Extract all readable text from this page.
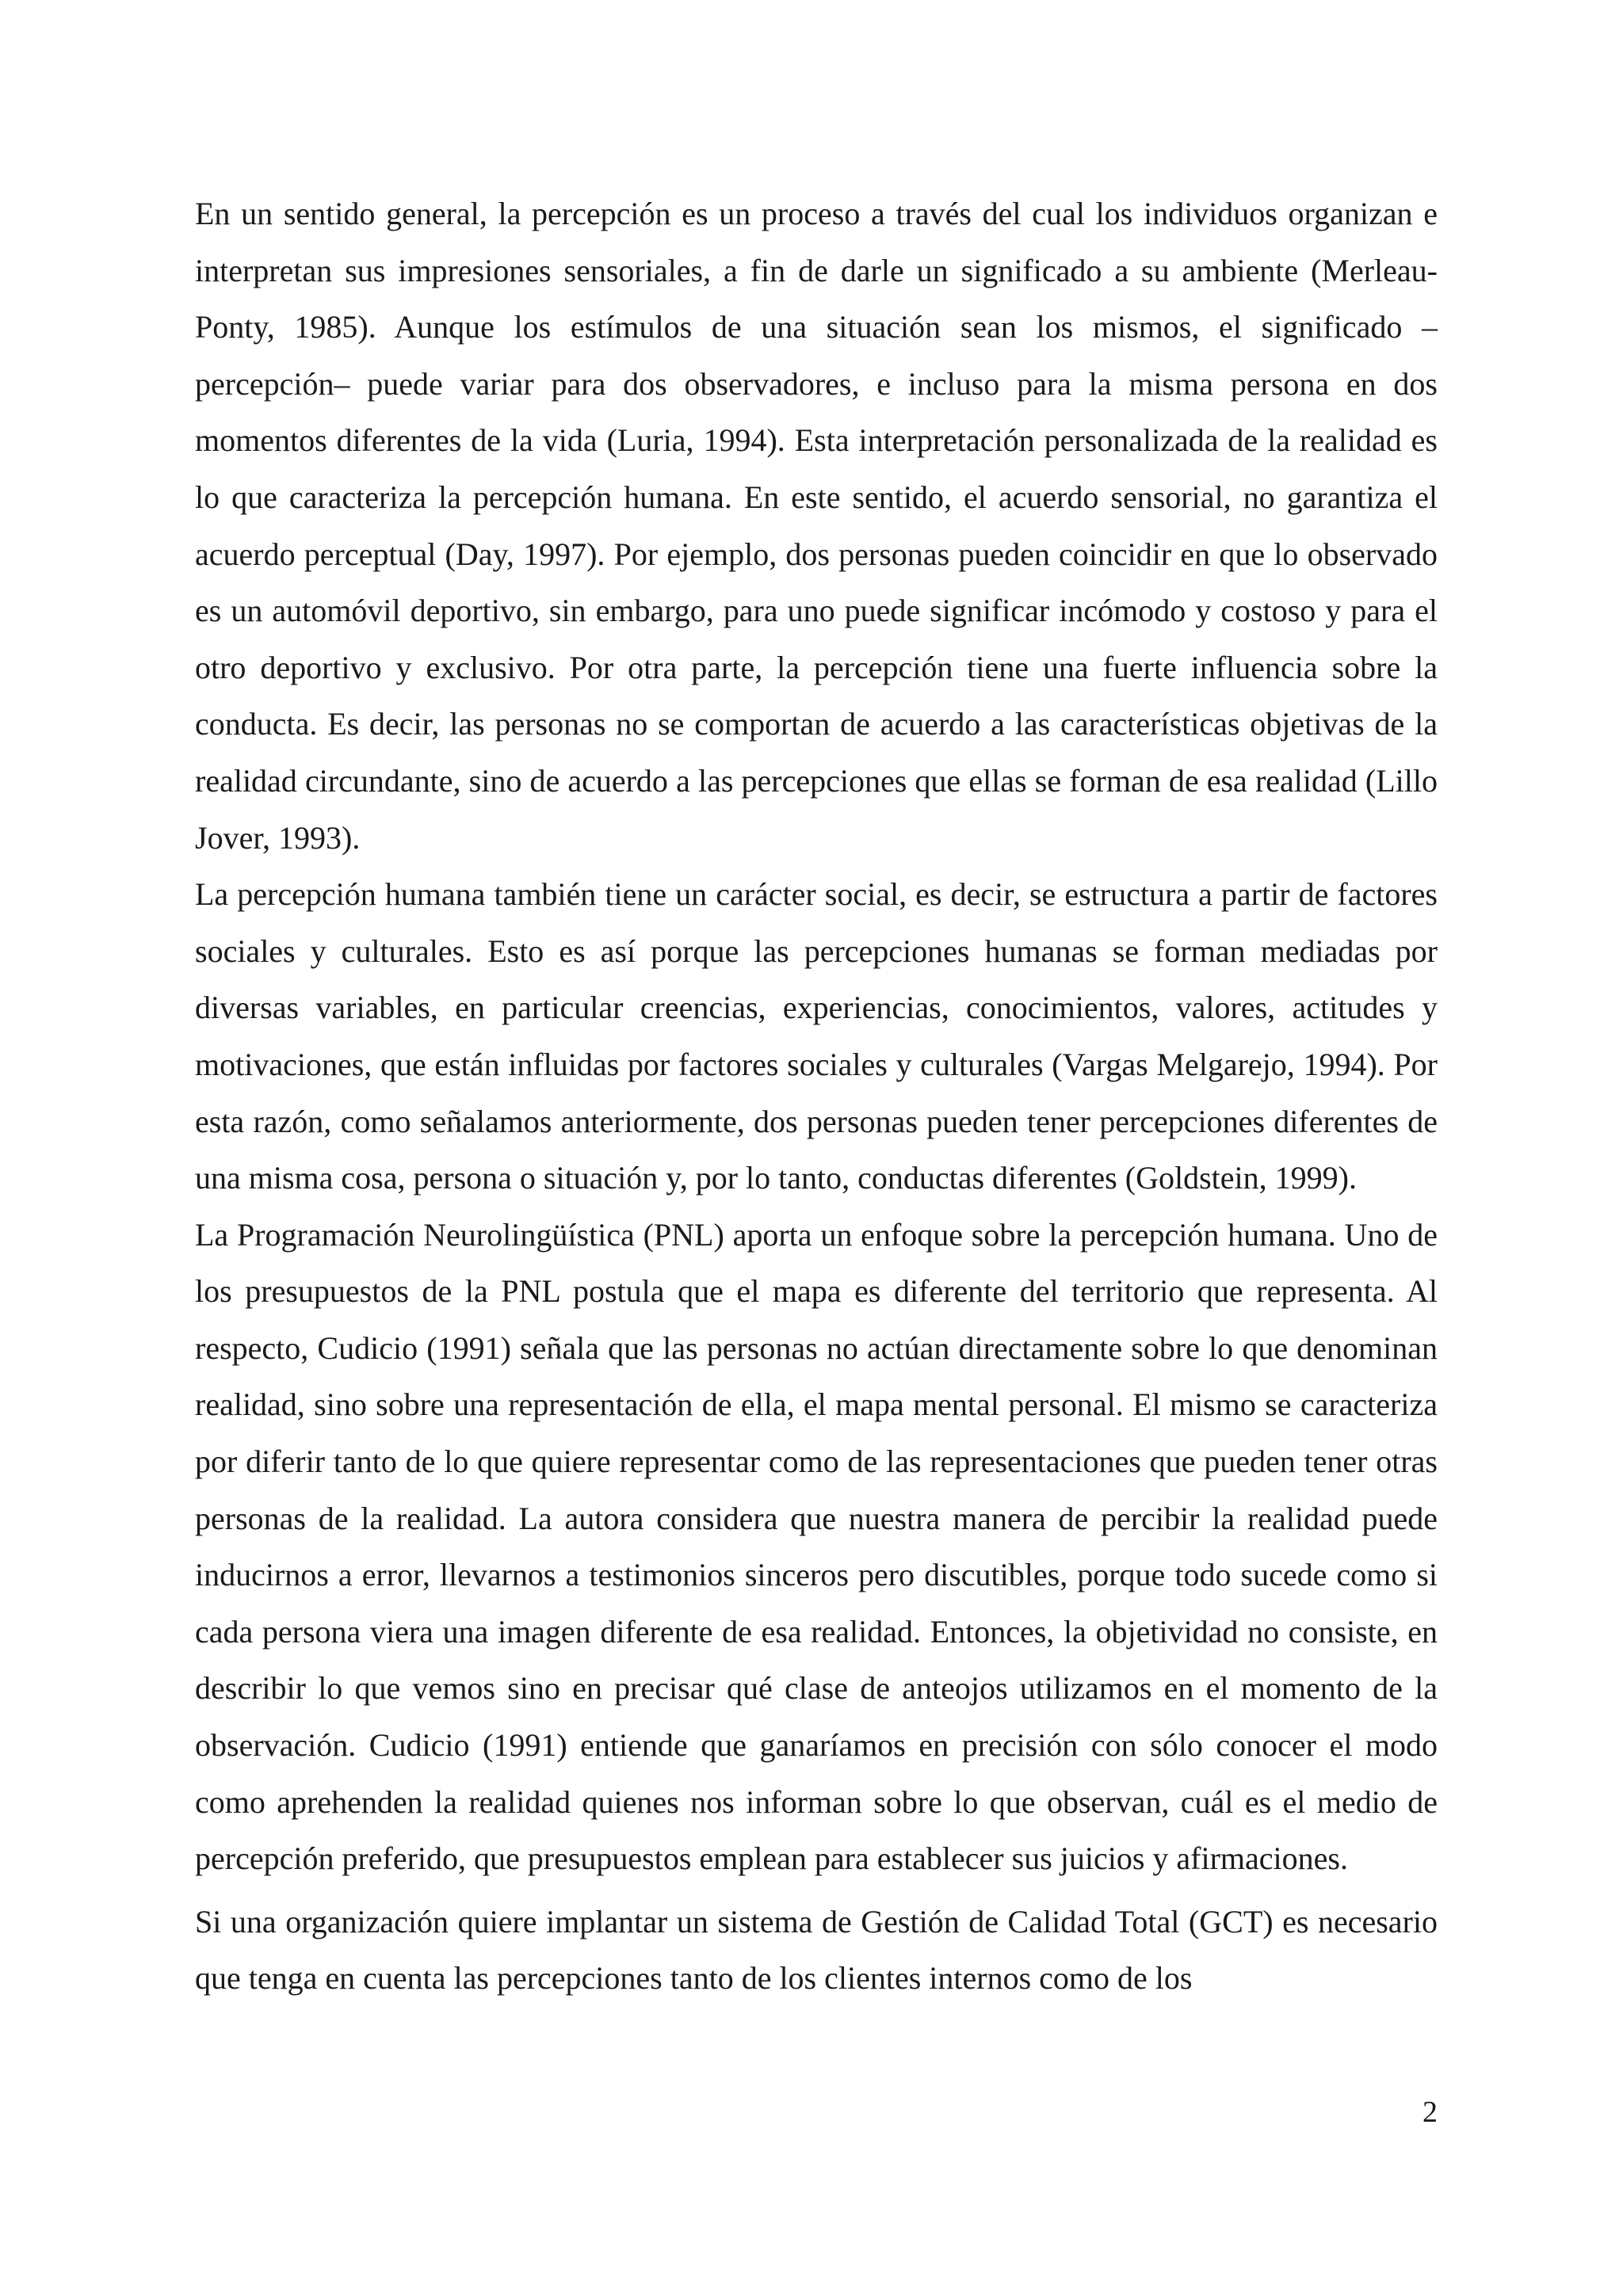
En un sentido general, la percepción es un proceso a través del cual los individuos organizan e interpretan sus impresiones sensoriales, a fin de darle un significado a su ambiente (Merleau-Ponty, 1985). Aunque los estímulos de una situación sean los mismos, el significado –percepción– puede variar para dos observadores, e incluso para la misma persona en dos momentos diferentes de la vida (Luria, 1994). Esta interpretación personalizada de la realidad es lo que caracteriza la percepción humana. En este sentido, el acuerdo sensorial, no garantiza el acuerdo perceptual (Day, 1997). Por ejemplo, dos personas pueden coincidir en que lo observado es un automóvil deportivo, sin embargo, para uno puede significar incómodo y costoso y para el otro deportivo y exclusivo. Por otra parte, la percepción tiene una fuerte influencia sobre la conducta. Es decir, las personas no se comportan de acuerdo a las características objetivas de la realidad circundante, sino de acuerdo a las percepciones que ellas se forman de esa realidad (Lillo Jover, 1993).

La percepción humana también tiene un carácter social, es decir, se estructura a partir de factores sociales y culturales. Esto es así porque las percepciones humanas se forman mediadas por diversas variables, en particular creencias, experiencias, conocimientos, valores, actitudes y motivaciones, que están influidas por factores sociales y culturales (Vargas Melgarejo, 1994). Por esta razón, como señalamos anteriormente, dos personas pueden tener percepciones diferentes de una misma cosa, persona o situación y, por lo tanto, conductas diferentes (Goldstein, 1999).

La Programación Neurolingüística (PNL) aporta un enfoque sobre la percepción humana. Uno de los presupuestos de la PNL postula que el mapa es diferente del territorio que representa. Al respecto, Cudicio (1991) señala que las personas no actúan directamente sobre lo que denominan realidad, sino sobre una representación de ella, el mapa mental personal. El mismo se caracteriza por diferir tanto de lo que quiere representar como de las representaciones que pueden tener otras personas de la realidad. La autora considera que nuestra manera de percibir la realidad puede inducirnos a error, llevarnos a testimonios sinceros pero discutibles, porque todo sucede como si cada persona viera una imagen diferente de esa realidad. Entonces, la objetividad no consiste, en describir lo que vemos sino en precisar qué clase de anteojos utilizamos en el momento de la observación. Cudicio (1991) entiende que ganaríamos en precisión con sólo conocer el modo como aprehenden la realidad quienes nos informan sobre lo que observan, cuál es el medio de percepción preferido, que presupuestos emplean para establecer sus juicios y afirmaciones.

Si una organización quiere implantar un sistema de Gestión de Calidad Total (GCT) es necesario que tenga en cuenta las percepciones tanto de los clientes internos como de los

2
